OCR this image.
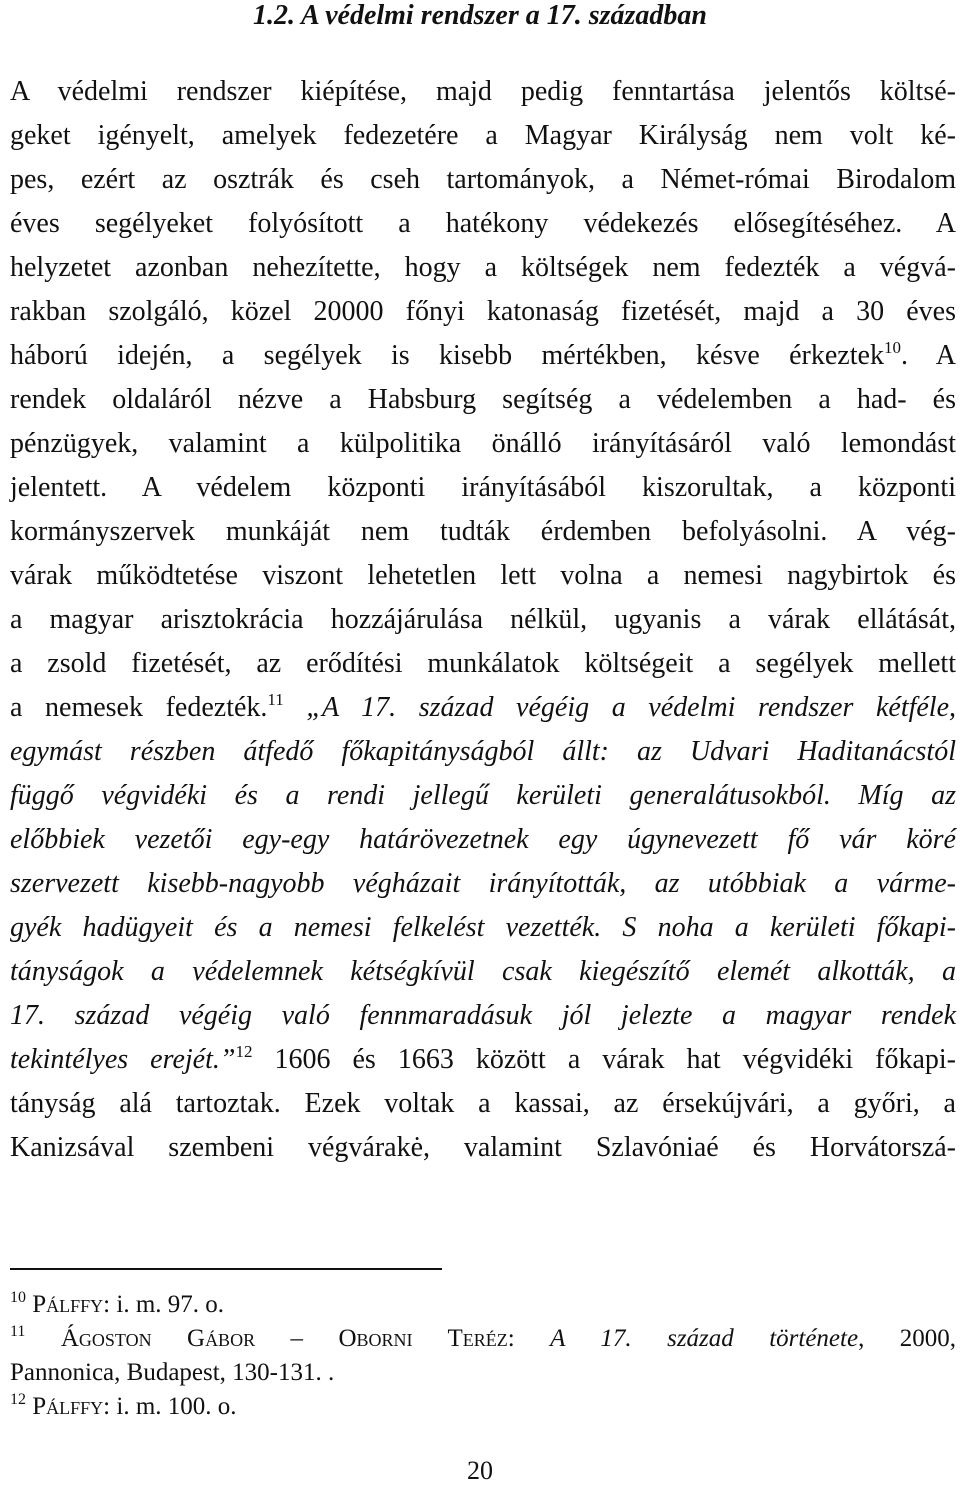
1.2. A védelmi rendszer a 17. században
A védelmi rendszer kiépítése, majd pedig fenntartása jelentős költsé-
geket igényelt, amelyek fedezetére a Magyar Királyság nem volt ké-
pes, ezért az osztrák és cseh tartományok, a Német-római Birodalom
éves segélyeket folyósított a hatékony védekezés elősegítéséhez. A
helyzetet azonban nehezítette, hogy a költségek nem fedezték a végvá-
rakban szolgáló, közel 20000 főnyi katonaság fizetését, majd a 30 éves
háború idején, a segélyek is kisebb mértékben, késve érkeztek$^{10}$. A
rendek oldaláról nézve a Habsburg segítség a védelemben a had- és
pénzügyek, valamint a külpolitika önálló irányításáról való lemondást
jelentett. A védelem központi irányításából kiszorultak, a központi
kormányszervek munkáját nem tudták érdemben befolyásolni. A vég-
várak működtetése viszont lehetetlen lett volna a nemesi nagybirtok és
a magyar arisztokrácia hozzájárulása nélkül, ugyanis a várak ellátását,
a zsold fizetését, az erődítési munkálatok költségeit a segélyek mellett
a nemesek fedezték.$^{11}$ „A 17. század végéig a védelmi rendszer kétféle,
egymást részben átfedő főkapitányságból állt: az Udvari Haditanácstól
függő végvidéki és a rendi jellegű kerületi generalátusokból. Míg az
előbbiek vezetői egy-egy határövezetnek egy úgynevezett fő vár köré
szervezett kisebb-nagyobb végházait irányították, az utóbbiak a várme-
gyék hadügyeit és a nemesi felkelést vezették. S noha a kerületi főkapi-
tányságok a védelemnek kétségkívül csak kiegészítő elemét alkották, a
17. század végéig való fennmaradásuk jól jelezte a magyar rendek
tekintélyes erejét.”$^{12}$ 1606 és 1663 között a várak hat végvidéki főkapi-
tányság alá tartoztak. Ezek voltak a kassai, az érsekújvári, a győri, a
Kanizsával szembeni végvárakė, valamint Szlavóniaé és Horvátorszá-
$^{10}$ Pálffy: i. m. 97. o.
$^{11}$ Ágoston Gábor – Oborni Teréz: A 17. század története, 2000,
Pannonica, Budapest, 130-131. .
$^{12}$ Pálffy: i. m. 100. o.
20
